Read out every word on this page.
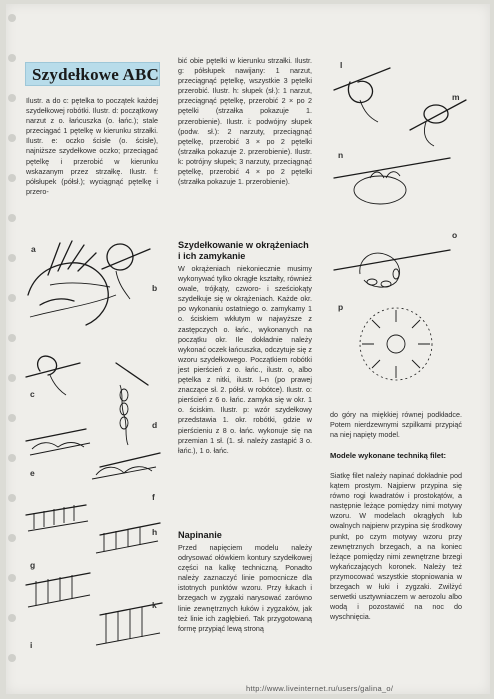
Szydełkowe ABC
Ilustr. a do c: pętelka to początek każdej szydełkowej robótki. Ilustr. d: początkowy narzut z o. łańcuszka (o. łańc.); stale przeciągać 1 pętelkę w kierunku strzałki. Ilustr. e: oczko ścisłe (o. ścisłe), najniższe szydełkowe oczko; przeciągać pętelkę i przerobić w kierunku wskazanym przez strzałkę. Ilustr. f: półsłupek (półsł.); wyciągnąć pętelkę i przero-
bić obie pętelki w kierunku strzałki. Ilustr. g: półsłupek nawijany: 1 narzut, przeciągnąć pętelkę, wszystkie 3 pętelki przerobić. Ilustr. h: słupek (sł.): 1 narzut, przeciągnąć pętelkę, przerobić 2 × po 2 pętelki (strzałka pokazuje 1. przerobienie). Ilustr. i: podwójny słupek (podw. sł.): 2 narzuty, przeciągnąć pętelkę, przerobić 3 × po 2 pętelki (strzałka pokazuje 2. przerobienie). Ilustr. k: potrójny słupek; 3 narzuty, przeciągnąć pętelkę, przerobić 4 × po 2 pętelki (strzałka pokazuje 1. przerobienie).
Szydełkowanie w okrążeniach i ich zamykanie
W okrążeniach niekoniecznie musimy wykonywać tylko okrągłe kształty, również owale, trójkąty, czworo- i sześciokąty szydełkuje się w okrążeniach. Każde okr. po wykonaniu ostatniego o. zamykamy 1 o. ściskiem wkłutym w najwyższe z zastępczych o. łańc., wykonanych na początku okr. Ile dokładnie należy wykonać oczek łańcuszka, odczytuje się z wzoru szydełkowego. Początkiem robótki jest pierścień z o. łańc., ilustr. o, albo pętelka z nitki, ilustr. l–n (po prawej znaczące sł. 2. półsł. w robótce). Ilustr. o: pierścień z 6 o. łańc. zamyka się w okr. 1 o. ściskim. Ilustr. p: wzór szydełkowy przedstawia 1. okr. robótki, gdzie w pierścieniu z 8 o. łańc. wykonuje się na przemian 1 sł. (1. sł. należy zastąpić 3 o. łańc.), 1 o. łańc.
Napinanie
Przed napięciem modelu należy odrysować ołówkiem kontury szydełkowej części na kalkę techniczną. Ponadto należy zaznaczyć linie pomocnicze dla istotnych punktów wzoru. Przy łukach i brzegach w zygzaki narysować zarówno linie zewnętrznych łuków i zygzaków, jak też linie ich zagłębień. Tak przygotowaną formę przypiąć lewą stroną
do góry na miękkiej równej podkładce. Potem nierdzewnymi szpilkami przypiąć na niej napięty model.
Modele wykonane techniką filet:
Siatkę filet należy napinać dokładnie pod kątem prostym. Najpierw przypina się równo rogi kwadratów i prostokątów, a następnie leżące pomiędzy nimi motywy wzoru. W modelach okrągłych lub owalnych najpierw przypina się środkowy punkt, po czym motywy wzoru przy zewnętrznych brzegach, a na koniec leżące pomiędzy nimi zewnętrzne brzegi wykańczających koronek. Należy też przymocować wszystkie stopniowania w brzegach w łuki i zygzaki. Zwilżyć serwetki usztywniaczem w aerozolu albo wodą i pozostawić na noc do wyschnięcia.
a
b
c
d
e
f
g
h
i
k
l
m
n
o
p
http://www.liveinternet.ru/users/galina_o/
